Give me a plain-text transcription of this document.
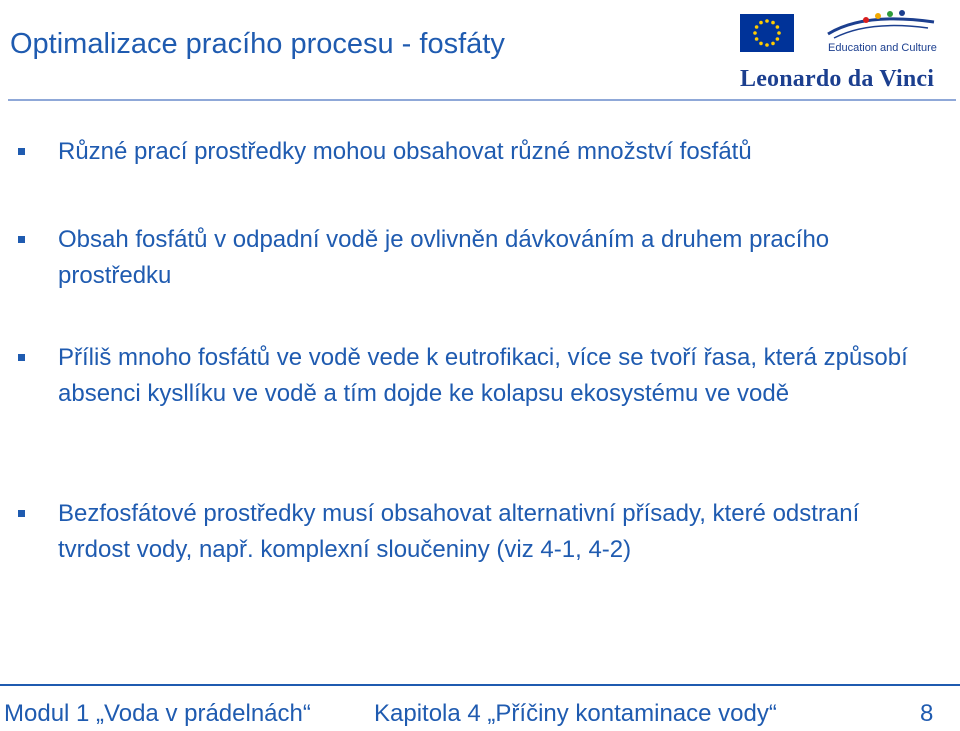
Optimalizace pracího procesu - fosfáty	Education and Culture
Leonardo da Vinci
Různé prací prostředky mohou obsahovat různé množství fosfátů
Obsah fosfátů v odpadní vodě je ovlivněn dávkováním a druhem pracího prostředku
Příliš mnoho fosfátů ve vodě vede k eutrofikaci, více se tvoří řasa, která způsobí absenci kysllíku ve vodě a tím dojde ke kolapsu ekosystému ve vodě
Bezfosfátové prostředky musí obsahovat alternativní přísady, které odstraní tvrdost vody, např. komplexní sloučeniny (viz 4-1, 4-2)
Modul 1 „Voda v prádelnách“	Kapitola 4 „Příčiny kontaminace vody“	8
